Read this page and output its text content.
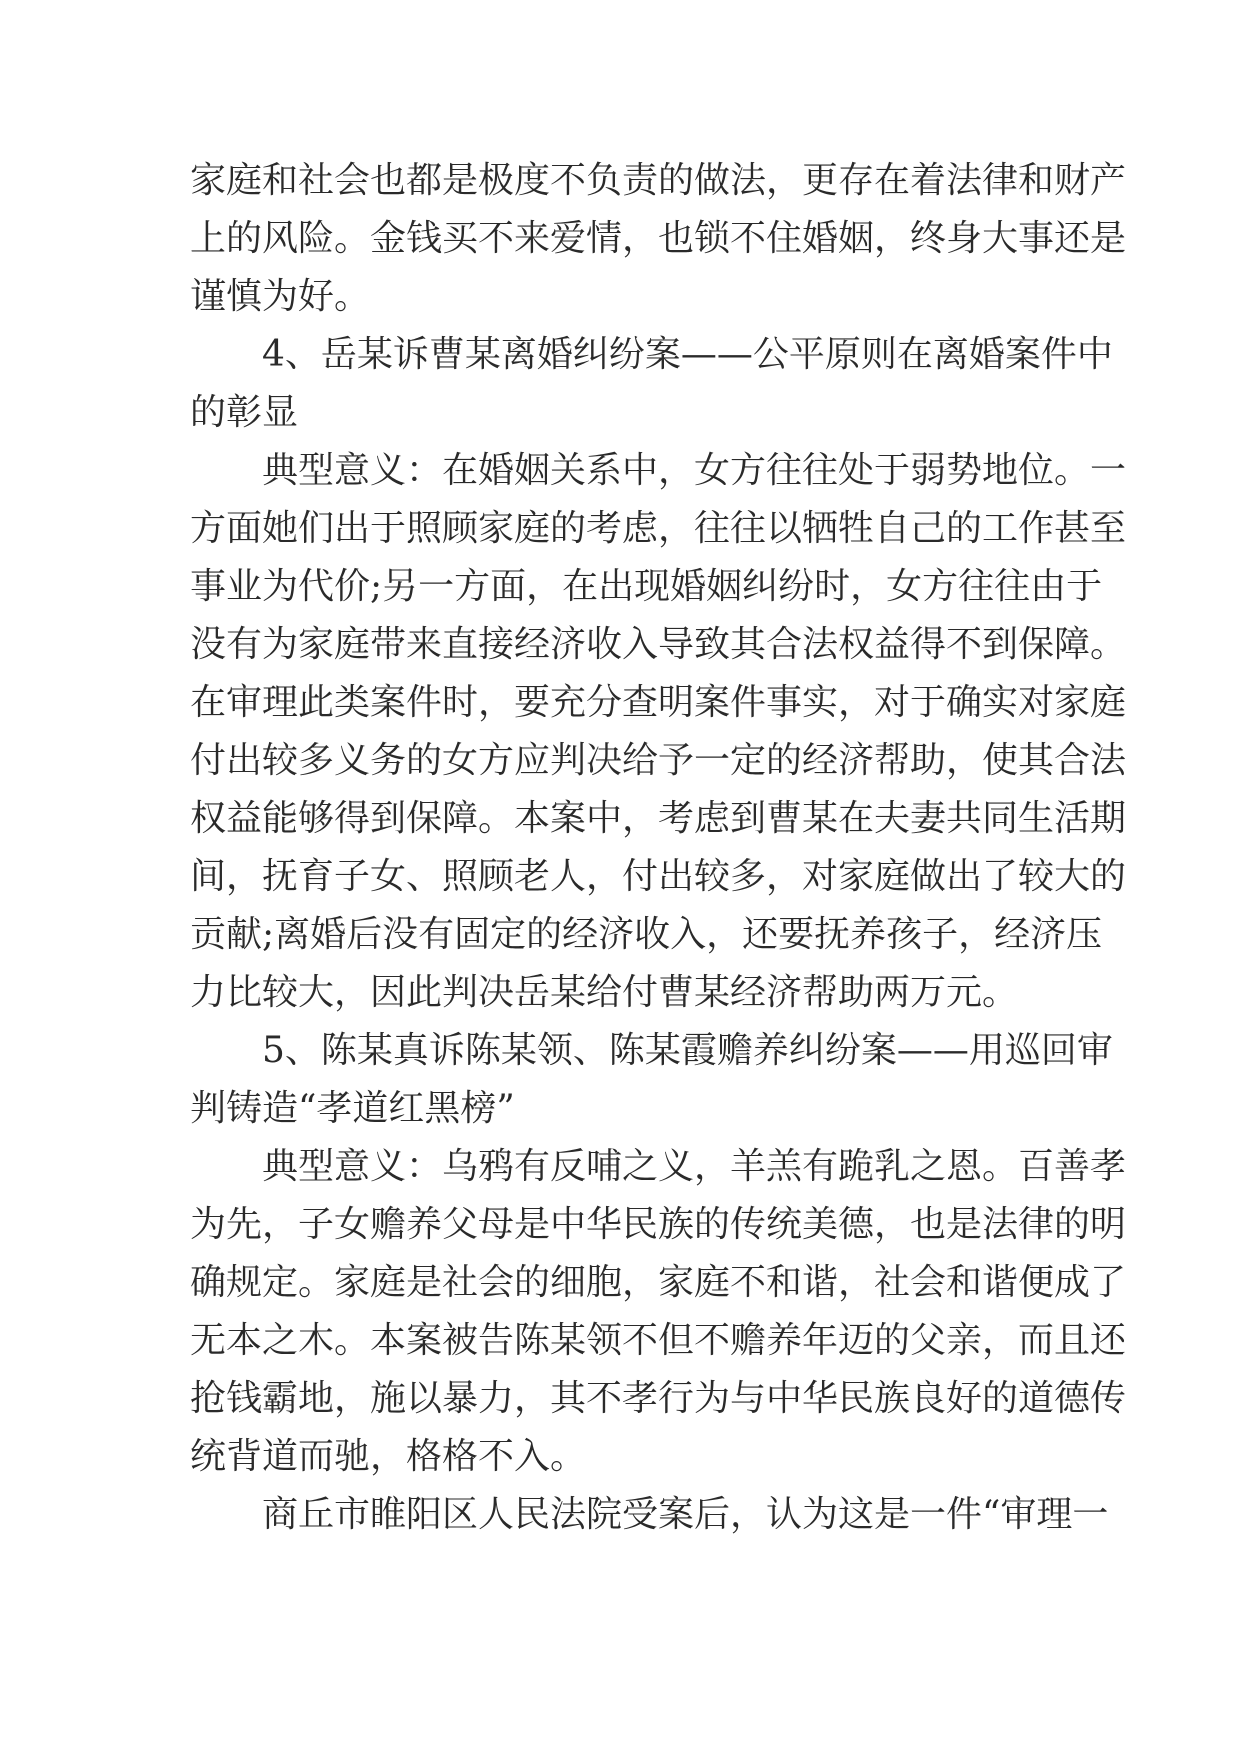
家庭和社会也都是极度不负责的做法，更存在着法律和财产
上的风险。金钱买不来爱情，也锁不住婚姻，终身大事还是
谨慎为好。
4、岳某诉曹某离婚纠纷案——公平原则在离婚案件中
的彰显
典型意义：在婚姻关系中，女方往往处于弱势地位。一
方面她们出于照顾家庭的考虑，往往以牺牲自己的工作甚至
事业为代价;另一方面，在出现婚姻纠纷时，女方往往由于
没有为家庭带来直接经济收入导致其合法权益得不到保障。
在审理此类案件时，要充分查明案件事实，对于确实对家庭
付出较多义务的女方应判决给予一定的经济帮助，使其合法
权益能够得到保障。本案中，考虑到曹某在夫妻共同生活期
间，抚育子女、照顾老人，付出较多，对家庭做出了较大的
贡献;离婚后没有固定的经济收入，还要抚养孩子，经济压
力比较大，因此判决岳某给付曹某经济帮助两万元。
5、陈某真诉陈某领、陈某霞赡养纠纷案——用巡回审
判铸造“孝道红黑榜”
典型意义：乌鸦有反哺之义，羊羔有跪乳之恩。百善孝
为先，子女赡养父母是中华民族的传统美德，也是法律的明
确规定。家庭是社会的细胞，家庭不和谐，社会和谐便成了
无本之木。本案被告陈某领不但不赡养年迈的父亲，而且还
抢钱霸地，施以暴力，其不孝行为与中华民族良好的道德传
统背道而驰，格格不入。
商丘市睢阳区人民法院受案后，认为这是一件“审理一
